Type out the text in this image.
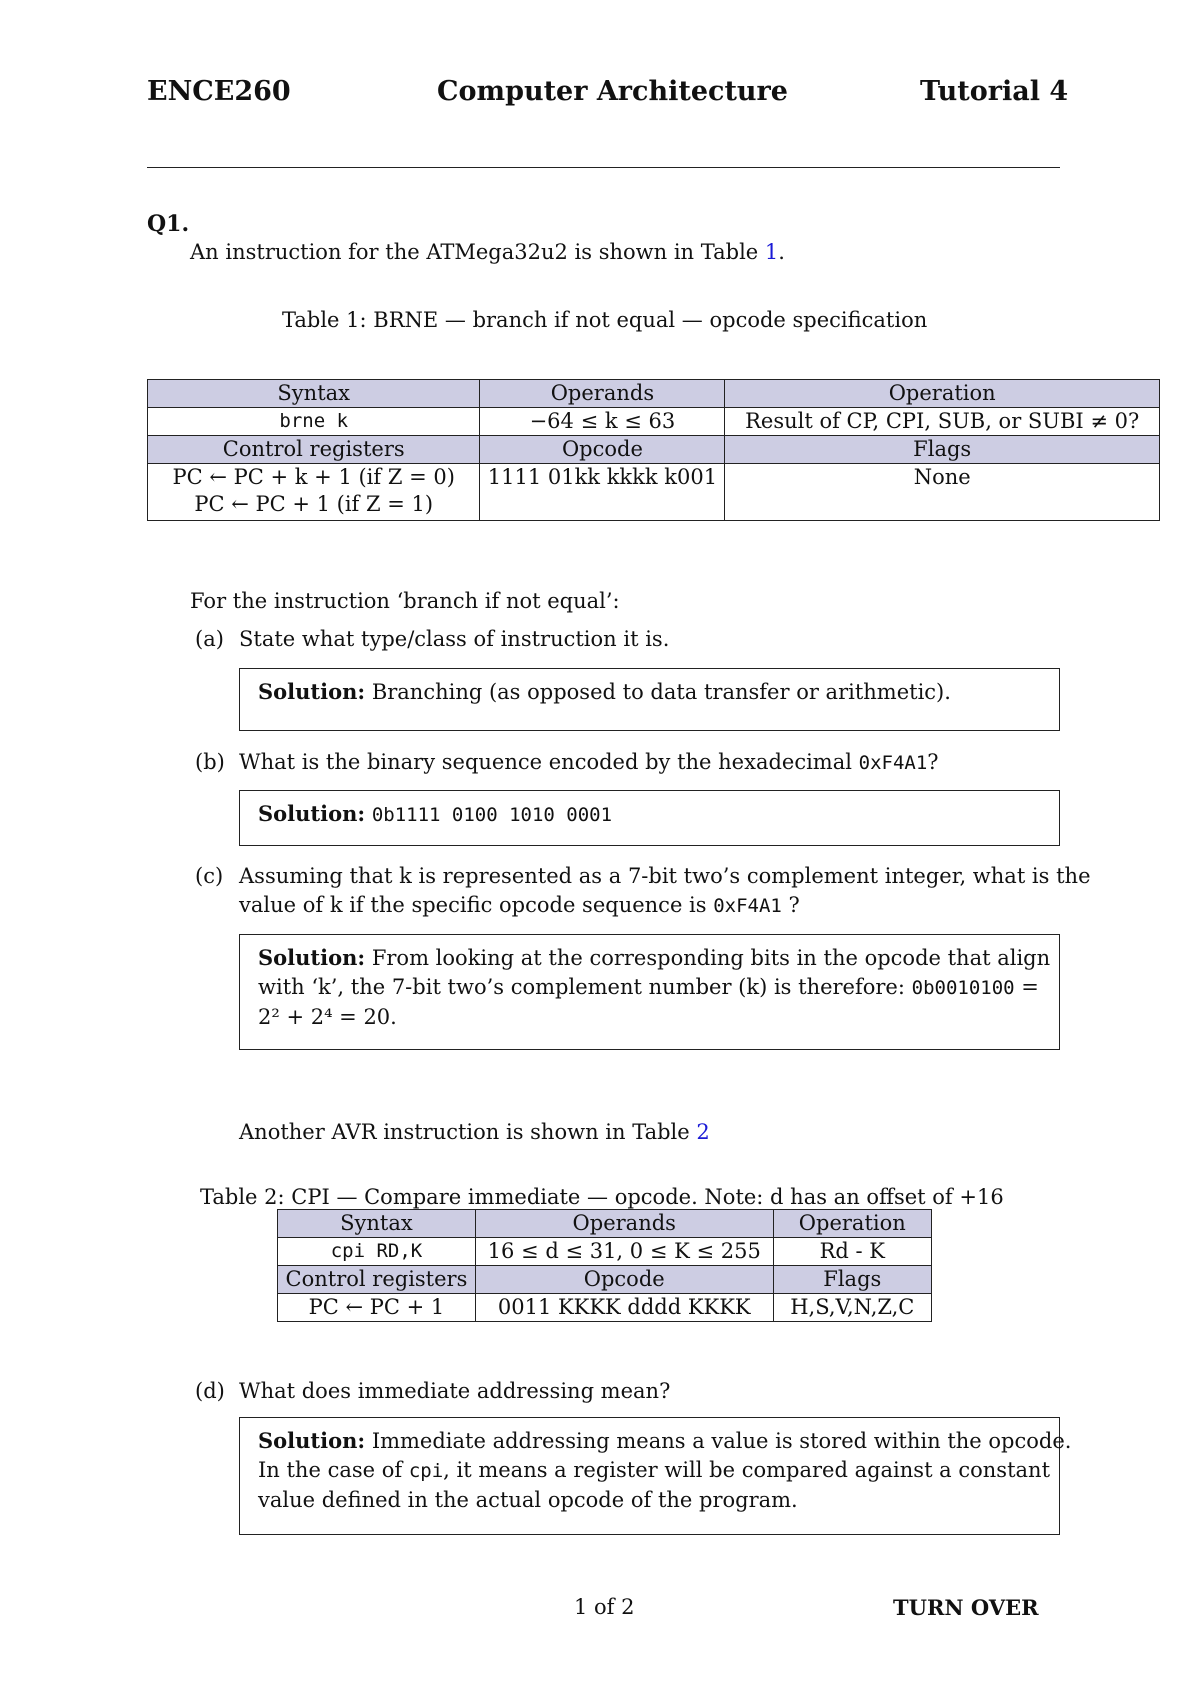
ENCE260	Computer Architecture	Tutorial 4
Q1.
An instruction for the ATMega32u2 is shown in Table 1.
Table 1: BRNE — branch if not equal — opcode specification
Syntax	Operands	Operation
brne k	−64 ≤ k ≤ 63	Result of CP, CPI, SUB, or SUBI ≠ 0?
Control registers	Opcode	Flags

PC ← PC + k + 1 (if Z = 0)
PC ← PC + 1 (if Z = 1)	1111 01kk kkkk k001	None
For the instruction ‘branch if not equal’:
(a) State what type/class of instruction it is.
Solution: Branching (as opposed to data transfer or arithmetic).
(b) What is the binary sequence encoded by the hexadecimal 0xF4A1?
Solution: 0b1111 0100 1010 0001
(c) Assuming that k is represented as a 7-bit two’s complement integer, what is the
value of k if the specific opcode sequence is 0xF4A1 ?
Solution: From looking at the corresponding bits in the opcode that align
with ‘k’, the 7-bit two’s complement number (k) is therefore: 0b0010100 =
2² + 2⁴ = 20.
Another AVR instruction is shown in Table 2
Table 2: CPI — Compare immediate — opcode. Note: d has an offset of +16
Syntax	Operands	Operation
cpi RD,K	16 ≤ d ≤ 31, 0 ≤ K ≤ 255	Rd - K
Control registers	Opcode	Flags
PC ← PC + 1	0011 KKKK dddd KKKK	H,S,V,N,Z,C
(d) What does immediate addressing mean?
Solution: Immediate addressing means a value is stored within the opcode.
In the case of cpi, it means a register will be compared against a constant
value defined in the actual opcode of the program.
1 of 2	TURN OVER
